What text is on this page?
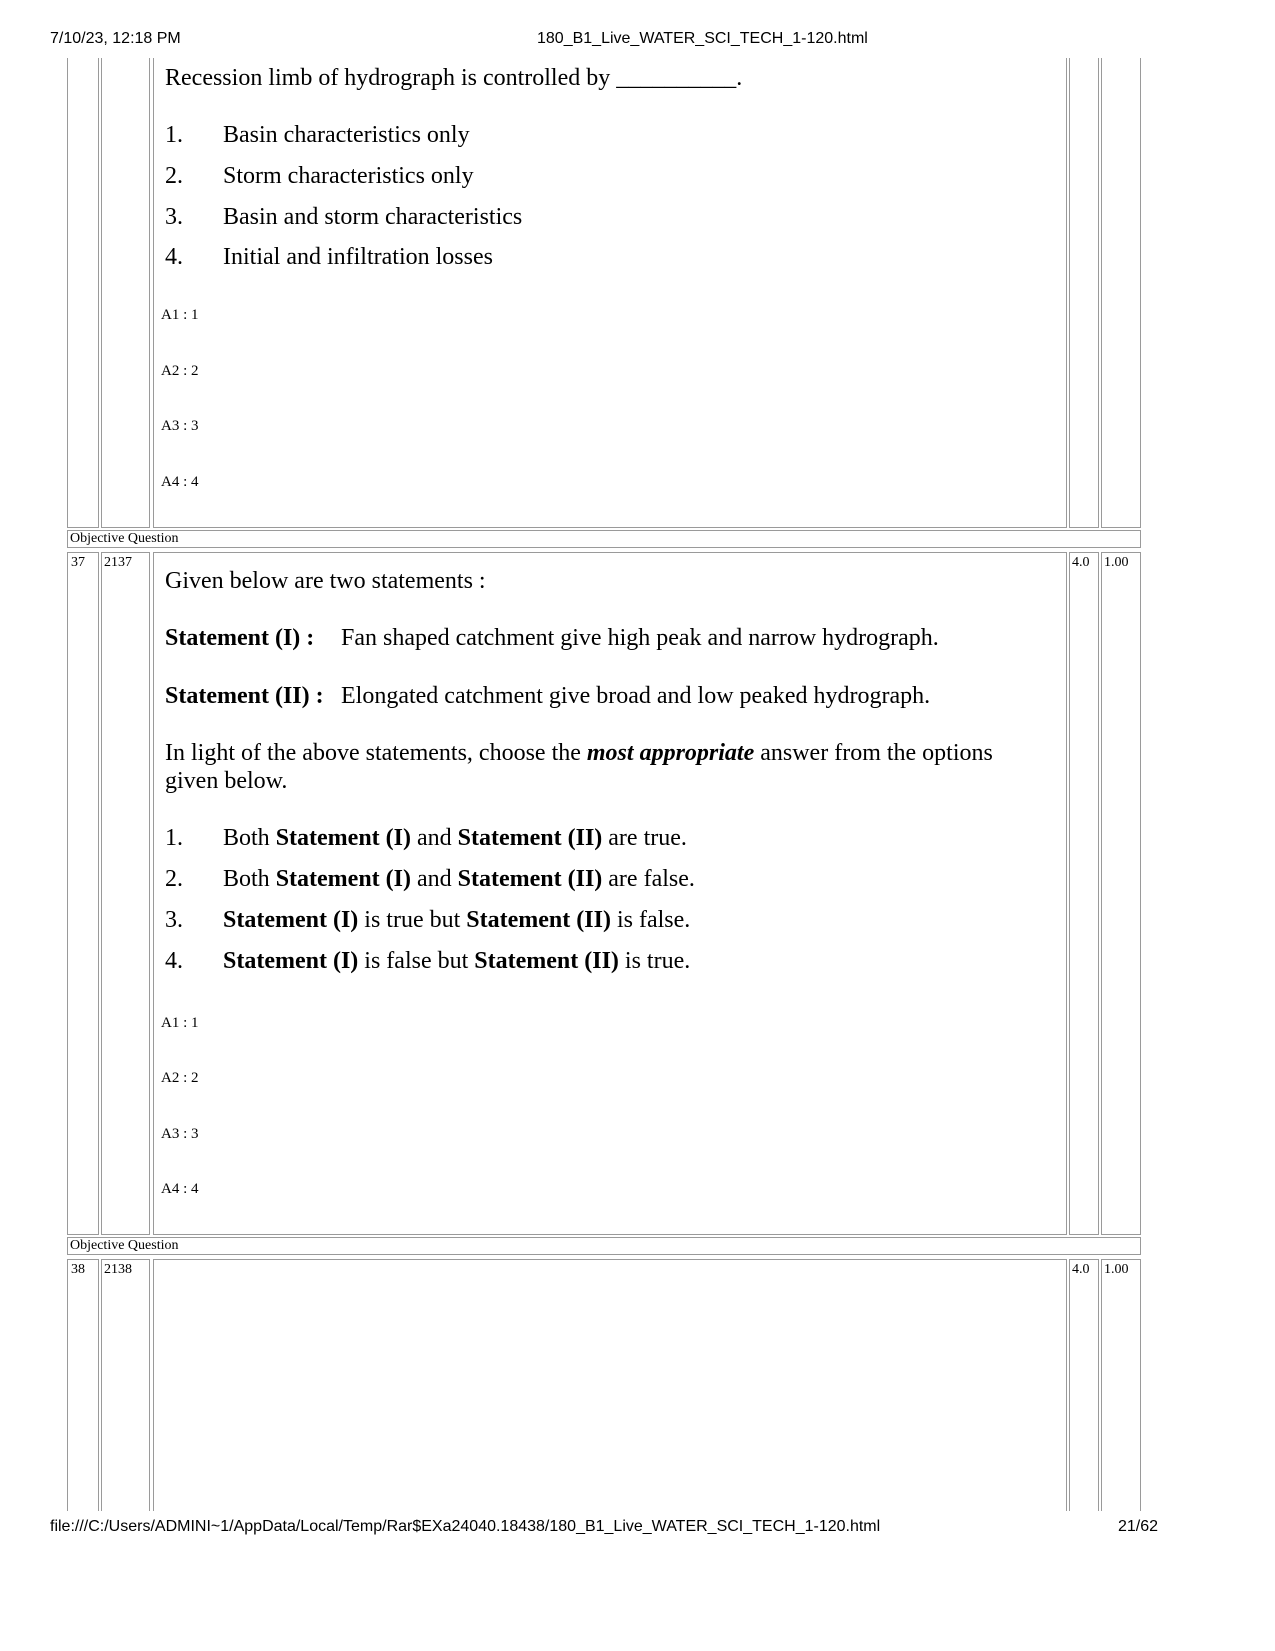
7/10/23, 12:18 PM	180_B1_Live_WATER_SCI_TECH_1-120.html
Recession limb of hydrograph is controlled by __________.
1. Basin characteristics only
2. Storm characteristics only
3. Basin and storm characteristics
4. Initial and infiltration losses
A1 : 1
A2 : 2
A3 : 3
A4 : 4
Objective Question
37 2137	4.0 1.00
Given below are two statements :
Statement (I) : Fan shaped catchment give high peak and narrow hydrograph.
Statement (II) : Elongated catchment give broad and low peaked hydrograph.
In light of the above statements, choose the most appropriate answer from the options
given below.
1. Both Statement (I) and Statement (II) are true.
2. Both Statement (I) and Statement (II) are false.
3. Statement (I) is true but Statement (II) is false.
4. Statement (I) is false but Statement (II) is true.
A1 : 1
A2 : 2
A3 : 3
A4 : 4
Objective Question
38 2138	4.0 1.00
file:///C:/Users/ADMINI~1/AppData/Local/Temp/Rar$EXa24040.18438/180_B1_Live_WATER_SCI_TECH_1-120.html	21/62
